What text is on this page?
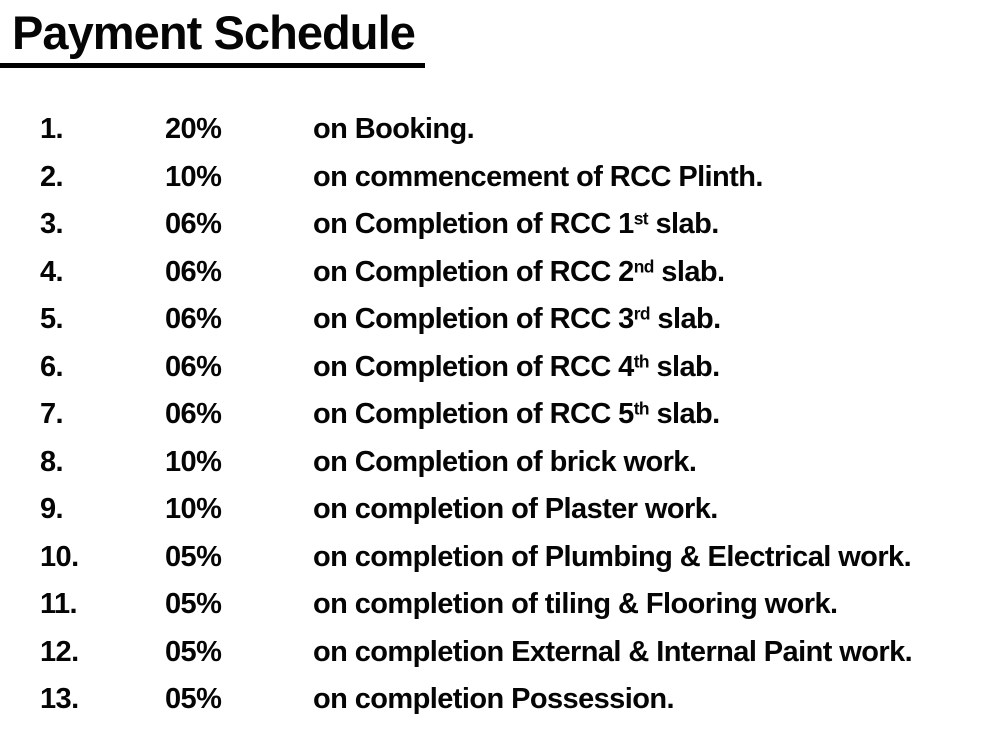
Payment Schedule
1.	20%	on Booking.
2.	10%	on commencement of RCC Plinth.
3.	06%	on Completion of RCC 1st slab.
4.	06%	on Completion of RCC 2nd slab.
5.	06%	on Completion of RCC 3rd slab.
6.	06%	on Completion of RCC 4th slab.
7.	06%	on Completion of RCC 5th slab.
8.	10%	on Completion of brick work.
9.	10%	on completion of Plaster work.
10.	05%	on completion of Plumbing & Electrical work.
11.	05%	on completion of tiling & Flooring work.
12.	05%	on completion External & Internal Paint work.
13.	05%	on completion Possession.
